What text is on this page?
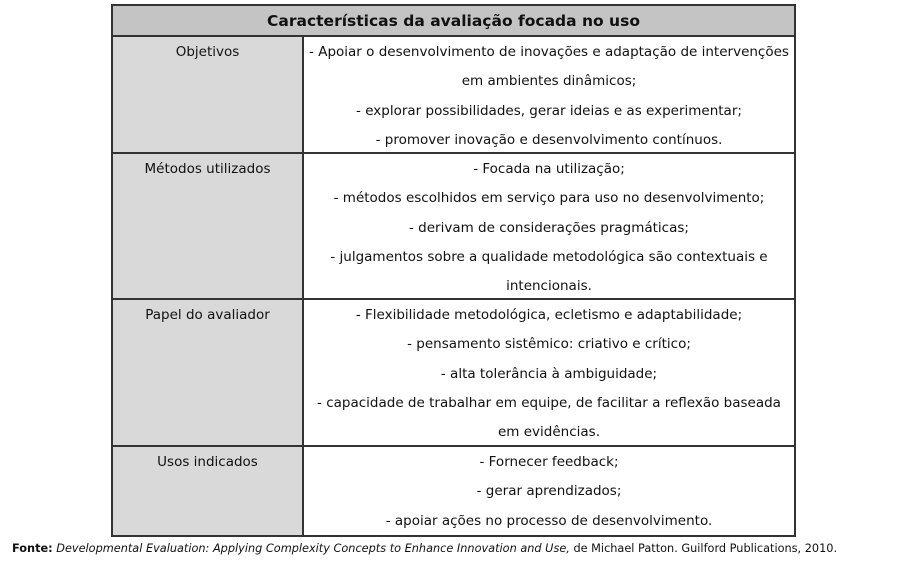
Características da avaliação focada no uso
Objetivos	- Apoiar o desenvolvimento de inovações e adaptação de intervenções
em ambientes dinâmicos;
- explorar possibilidades, gerar ideias e as experimentar;
- promover inovação e desenvolvimento contínuos.
Métodos utilizados	- Focada na utilização;
- métodos escolhidos em serviço para uso no desenvolvimento;
- derivam de considerações pragmáticas;
- julgamentos sobre a qualidade metodológica são contextuais e
intencionais.
Papel do avaliador	- Flexibilidade metodológica, ecletismo e adaptabilidade;
- pensamento sistêmico: criativo e crítico;
- alta tolerância à ambiguidade;
- capacidade de trabalhar em equipe, de facilitar a reflexão baseada
em evidências.
Usos indicados	- Fornecer feedback;
- gerar aprendizados;
- apoiar ações no processo de desenvolvimento.
Fonte: Developmental Evaluation: Applying Complexity Concepts to Enhance Innovation and Use, de Michael Patton. Guilford Publications, 2010.
